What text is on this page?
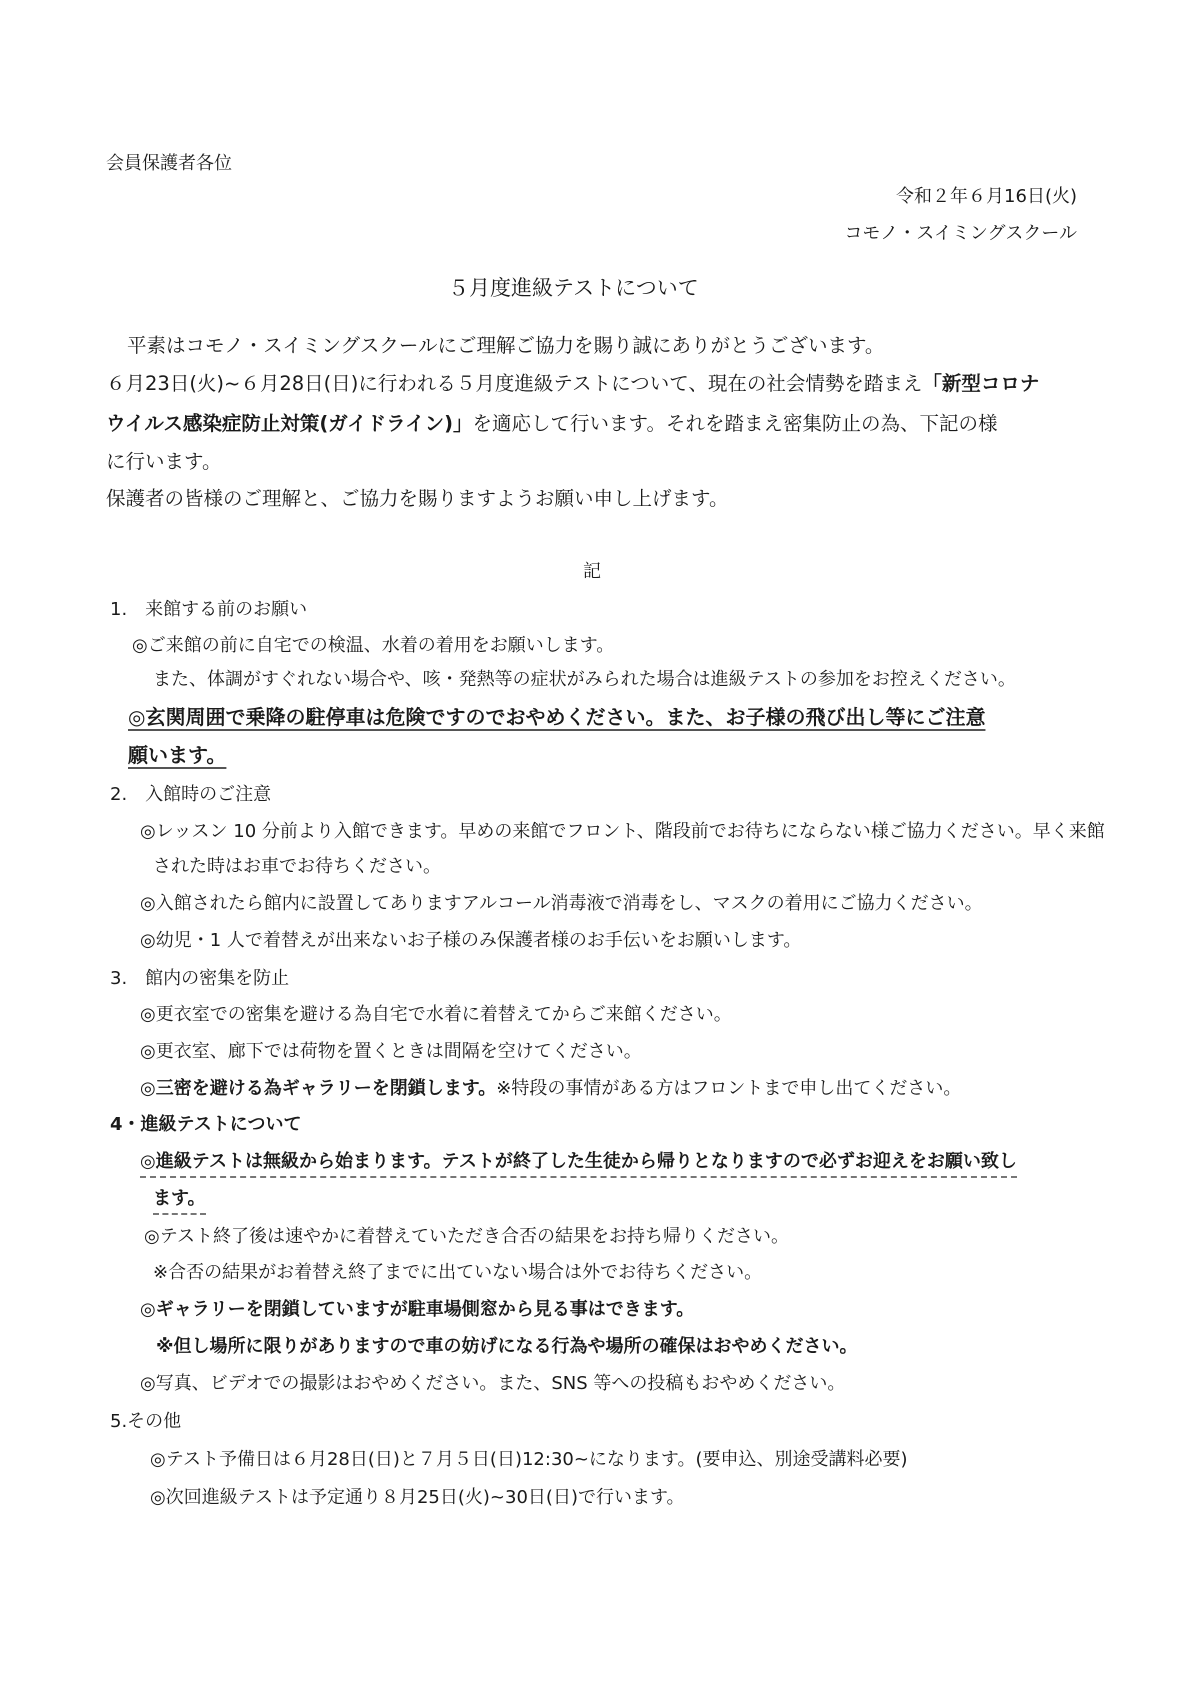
会員保護者各位
令和２年６月16日(火)
コモノ・スイミングスクール
５月度進級テストについて
平素はコモノ・スイミングスクールにご理解ご協力を賜り誠にありがとうございます。
６月23日(火)~６月28日(日)に行われる５月度進級テストについて、現在の社会情勢を踏まえ「新型コロナ
ウイルス感染症防止対策(ガイドライン)」を適応して行います。それを踏まえ密集防止の為、下記の様
に行います。
保護者の皆様のご理解と、ご協力を賜りますようお願い申し上げます。
記
1.　来館する前のお願い
◎ご来館の前に自宅での検温、水着の着用をお願いします。
また、体調がすぐれない場合や、咳・発熱等の症状がみられた場合は進級テストの参加をお控えください。
◎玄関周囲で乗降の駐停車は危険ですのでおやめください。また、お子様の飛び出し等にご注意
願います。
2.　入館時のご注意
◎レッスン 10 分前より入館できます。早めの来館でフロント、階段前でお待ちにならない様ご協力ください。早く来館
された時はお車でお待ちください。
◎入館されたら館内に設置してありますアルコール消毒液で消毒をし、マスクの着用にご協力ください。
◎幼児・1 人で着替えが出来ないお子様のみ保護者様のお手伝いをお願いします。
3.　館内の密集を防止
◎更衣室での密集を避ける為自宅で水着に着替えてからご来館ください。
◎更衣室、廊下では荷物を置くときは間隔を空けてください。
◎三密を避ける為ギャラリーを閉鎖します。※特段の事情がある方はフロントまで申し出てください。
4・進級テストについて
◎進級テストは無級から始まります。テストが終了した生徒から帰りとなりますので必ずお迎えをお願い致し
ます。
◎テスト終了後は速やかに着替えていただき合否の結果をお持ち帰りください。
※合否の結果がお着替え終了までに出ていない場合は外でお待ちください。
◎ギャラリーを閉鎖していますが駐車場側窓から見る事はできます。
※但し場所に限りがありますので車の妨げになる行為や場所の確保はおやめください。
◎写真、ビデオでの撮影はおやめください。また、SNS 等への投稿もおやめください。
5.その他
◎テスト予備日は６月28日(日)と７月５日(日)12:30~になります。(要申込、別途受講料必要)
◎次回進級テストは予定通り８月25日(火)~30日(日)で行います。
